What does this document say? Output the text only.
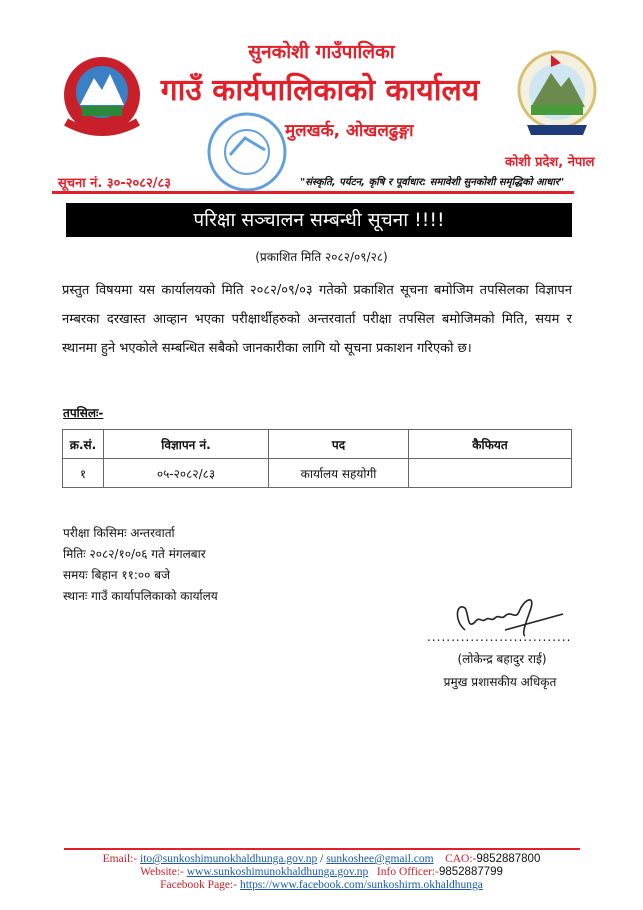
सुनकोशी गाउँपालिका
गाउँ कार्यपालिकाको कार्यालय
मुलखर्क, ओखलढुङ्गा
कोशी प्रदेश, नेपाल
सूचना नं. ३०-२०८२/८३	"संस्कृति, पर्यटन, कृषि र पूर्वाधार: समावेशी सुनकोशी समृद्धिको आधार"
परिक्षा सञ्चालन सम्बन्धी सूचना !!!!
(प्रकाशित मिति २०८२/०९/२८)
प्रस्तुत विषयमा यस कार्यालयको मिति २०८२/०९/०३ गतेको प्रकाशित सूचना बमोजिम तपसिलका विज्ञापन नम्बरका दरखास्त आव्हान भएका परीक्षार्थीहरुको अन्तरवार्ता परीक्षा तपसिल बमोजिमको मिति, सयम र स्थानमा हुने भएकोले सम्बन्धित सबैको जानकारीका लागि यो सूचना प्रकाशन गरिएको छ।
तपसिलः-
क्र.सं.	विज्ञापन नं.	पद	कैफियत
१	०५-२०८२/८३	कार्यालय सहयोगी	
परीक्षा किसिमः अन्तरवार्ता
मितिः २०८२/१०/०६ गते मंगलबार
समयः बिहान ११:०० बजे
स्थानः गाउँ कार्यापलिकाको कार्यालय
..............................
(लोकेन्द्र बहादुर राई)
प्रमुख प्रशासकीय अधिकृत
Email:- ito@sunkoshimunokhaldhunga.gov.np / sunkoshee@gmail.com CAO:-9852887800
Website:- www.sunkoshimunokhaldhunga.gov.np Info Officer:-9852887799
Facebook Page:- https://www.facebook.com/sunkoshirm.okhaldhunga
